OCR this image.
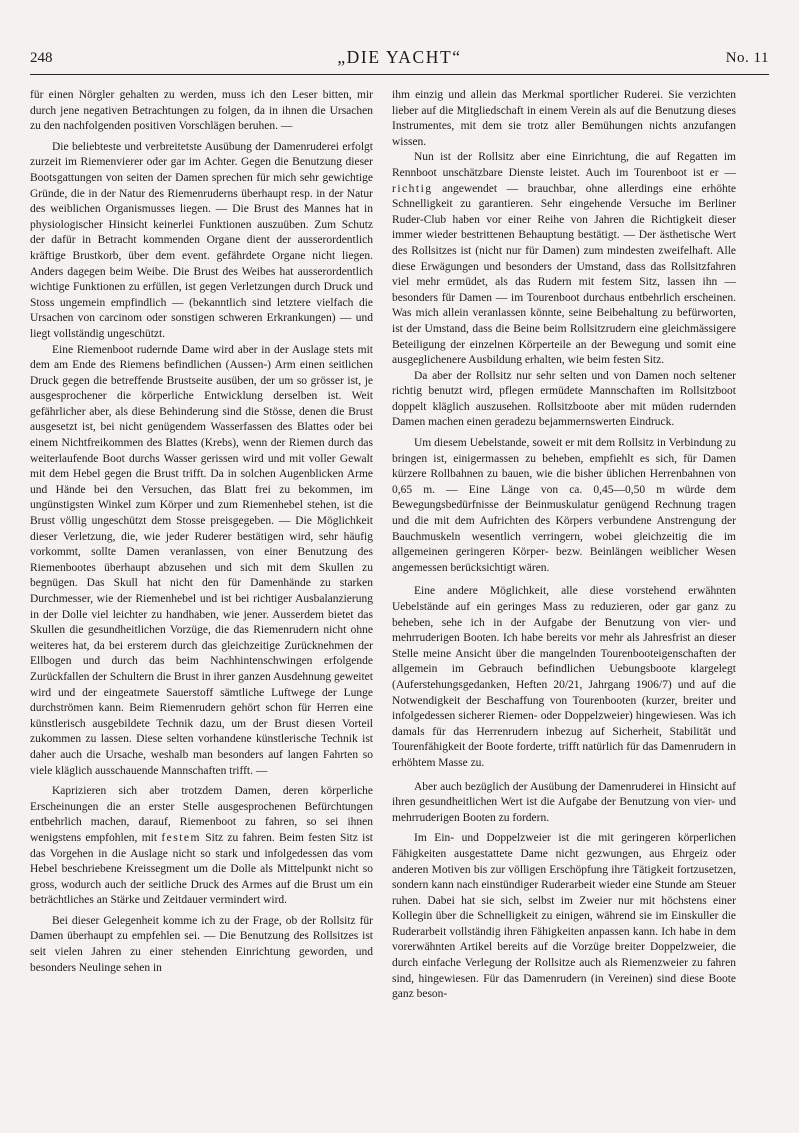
248	„DIE YACHT“	No. 11

für einen Nörgler gehalten zu werden, muss ich den Leser bitten, mir durch jene negativen Betrachtungen zu folgen, da in ihnen die Ursachen zu den nachfolgenden positiven Vorschlägen beruhen. —

Die beliebteste und verbreitetste Ausübung der Damenruderei erfolgt zurzeit im Riemenvierer oder gar im Achter. Gegen die Benutzung dieser Bootsgattungen von seiten der Damen sprechen für mich sehr gewichtige Gründe, die in der Natur des Riemenruderns überhaupt resp. in der Natur des weiblichen Organismusses liegen. — Die Brust des Mannes hat in physiologischer Hinsicht keinerlei Funktionen auszuüben. Zum Schutz der dafür in Betracht kommenden Organe dient der ausserordentlich kräftige Brustkorb, über dem event. gefährdete Organe nicht liegen. Anders dagegen beim Weibe. Die Brust des Weibes hat ausserordentlich wichtige Funktionen zu erfüllen, ist gegen Verletzungen durch Druck und Stoss ungemein empfindlich — (bekanntlich sind letztere vielfach die Ursachen von carcinom oder sonstigen schweren Erkrankungen) — und liegt vollständig ungeschützt.

Eine Riemenboot rudernde Dame wird aber in der Auslage stets mit dem am Ende des Riemens befindlichen (Aussen-) Arm einen seitlichen Druck gegen die betreffende Brustseite ausüben, der um so grösser ist, je ausgesprochener die körperliche Entwicklung derselben ist. Weit gefährlicher aber, als diese Behinderung sind die Stösse, denen die Brust ausgesetzt ist, bei nicht genügendem Wasserfassen des Blattes oder bei einem Nichtfreikommen des Blattes (Krebs), wenn der Riemen durch das weiterlaufende Boot durchs Wasser gerissen wird und mit voller Gewalt mit dem Hebel gegen die Brust trifft. Da in solchen Augenblicken Arme und Hände bei den Versuchen, das Blatt frei zu bekommen, im ungünstigsten Winkel zum Körper und zum Riemenhebel stehen, ist die Brust völlig ungeschützt dem Stosse preisgegeben. — Die Möglichkeit dieser Verletzung, die, wie jeder Ruderer bestätigen wird, sehr häufig vorkommt, sollte Damen veranlassen, von einer Benutzung des Riemenbootes überhaupt abzusehen und sich mit dem Skullen zu begnügen. Das Skull hat nicht den für Damenhände zu starken Durchmesser, wie der Riemenhebel und ist bei richtiger Ausbalanzierung in der Dolle viel leichter zu handhaben, wie jener. Ausserdem bietet das Skullen die gesundheitlichen Vorzüge, die das Riemenrudern nicht ohne weiteres hat, da bei ersterem durch das gleichzeitige Zurücknehmen der Ellbogen und durch das beim Nachhintenschwingen erfolgende Zurückfallen der Schultern die Brust in ihrer ganzen Ausdehnung geweitet wird und der eingeatmete Sauerstoff sämtliche Luftwege der Lunge durchströmen kann. Beim Riemenrudern gehört schon für Herren eine künstlerisch ausgebildete Technik dazu, um der Brust diesen Vorteil zukommen zu lassen. Diese selten vorhandene künstlerische Technik ist daher auch die Ursache, weshalb man besonders auf langen Fahrten so viele kläglich ausschauende Mannschaften trifft. —

Kaprizieren sich aber trotzdem Damen, deren körperliche Erscheinungen die an erster Stelle ausgesprochenen Befürchtungen entbehrlich machen, darauf, Riemenboot zu fahren, so sei ihnen wenigstens empfohlen, mit festem Sitz zu fahren. Beim festen Sitz ist das Vorgehen in die Auslage nicht so stark und infolgedessen das vom Hebel beschriebene Kreissegment um die Dolle als Mittelpunkt nicht so gross, wodurch auch der seitliche Druck des Armes auf die Brust um ein beträchtliches an Stärke und Zeitdauer vermindert wird.

Bei dieser Gelegenheit komme ich zu der Frage, ob der Rollsitz für Damen überhaupt zu empfehlen sei. — Die Benutzung des Rollsitzes ist seit vielen Jahren zu einer stehenden Einrichtung geworden, und besonders Neulinge sehen in

ihm einzig und allein das Merkmal sportlicher Ruderei. Sie verzichten lieber auf die Mitgliedschaft in einem Verein als auf die Benutzung dieses Instrumentes, mit dem sie trotz aller Bemühungen nichts anzufangen wissen.

Nun ist der Rollsitz aber eine Einrichtung, die auf Regatten im Rennboot unschätzbare Dienste leistet. Auch im Tourenboot ist er — richtig angewendet — brauchbar, ohne allerdings eine erhöhte Schnelligkeit zu garantieren. Sehr eingehende Versuche im Berliner Ruder-Club haben vor einer Reihe von Jahren die Richtigkeit dieser immer wieder bestrittenen Behauptung bestätigt. — Der ästhetische Wert des Rollsitzes ist (nicht nur für Damen) zum mindesten zweifelhaft. Alle diese Erwägungen und besonders der Umstand, dass das Rollsitzfahren viel mehr ermüdet, als das Rudern mit festem Sitz, lassen ihn — besonders für Damen — im Tourenboot durchaus entbehrlich erscheinen. Was mich allein veranlassen könnte, seine Beibehaltung zu befürworten, ist der Umstand, dass die Beine beim Rollsitzrudern eine gleichmässigere Beteiligung der einzelnen Körperteile an der Bewegung und somit eine ausgeglichenere Ausbildung erhalten, wie beim festen Sitz.

Da aber der Rollsitz nur sehr selten und von Damen noch seltener richtig benutzt wird, pflegen ermüdete Mannschaften im Rollsitzboot doppelt kläglich auszusehen. Rollsitzboote aber mit müden rudernden Damen machen einen geradezu bejammernswerten Eindruck.

Um diesem Uebelstande, soweit er mit dem Rollsitz in Verbindung zu bringen ist, einigermassen zu beheben, empfiehlt es sich, für Damen kürzere Rollbahnen zu bauen, wie die bisher üblichen Herrenbahnen von 0,65 m. — Eine Länge von ca. 0,45—0,50 m würde dem Bewegungsbedürfnisse der Beinmuskulatur genügend Rechnung tragen und die mit dem Aufrichten des Körpers verbundene Anstrengung der Bauchmuskeln wesentlich verringern, wobei gleichzeitig die im allgemeinen geringeren Körper- bezw. Beinlängen weiblicher Wesen angemessen berücksichtigt wären.

Eine andere Möglichkeit, alle diese vorstehend erwähnten Uebelstände auf ein geringes Mass zu reduzieren, oder gar ganz zu beheben, sehe ich in der Aufgabe der Benutzung von vier- und mehrruderigen Booten. Ich habe bereits vor mehr als Jahresfrist an dieser Stelle meine Ansicht über die mangelnden Tourenbooteigenschaften der allgemein im Gebrauch befindlichen Uebungsboote klargelegt (Auferstehungsgedanken, Heften 20/21, Jahrgang 1906/7) und auf die Notwendigkeit der Beschaffung von Tourenbooten (kurzer, breiter und infolgedessen sicherer Riemen- oder Doppelzweier) hingewiesen. Was ich damals für das Herrenrudern inbezug auf Sicherheit, Stabilität und Tourenfähigkeit der Boote forderte, trifft natürlich für das Damenrudern in erhöhtem Masse zu.

Aber auch bezüglich der Ausübung der Damenruderei in Hinsicht auf ihren gesundheitlichen Wert ist die Aufgabe der Benutzung von vier- und mehrruderigen Booten zu fordern.

Im Ein- und Doppelzweier ist die mit geringeren körperlichen Fähigkeiten ausgestattete Dame nicht gezwungen, aus Ehrgeiz oder anderen Motiven bis zur völligen Erschöpfung ihre Tätigkeit fortzusetzen, sondern kann nach einstündiger Ruderarbeit wieder eine Stunde am Steuer ruhen. Dabei hat sie sich, selbst im Zweier nur mit höchstens einer Kollegin über die Schnelligkeit zu einigen, während sie im Einskuller die Ruderarbeit vollständig ihren Fähigkeiten anpassen kann. Ich habe in dem vorerwähnten Artikel bereits auf die Vorzüge breiter Doppelzweier, die durch einfache Verlegung der Rollsitze auch als Riemenzweier zu fahren sind, hingewiesen. Für das Damenrudern (in Vereinen) sind diese Boote ganz beson-
